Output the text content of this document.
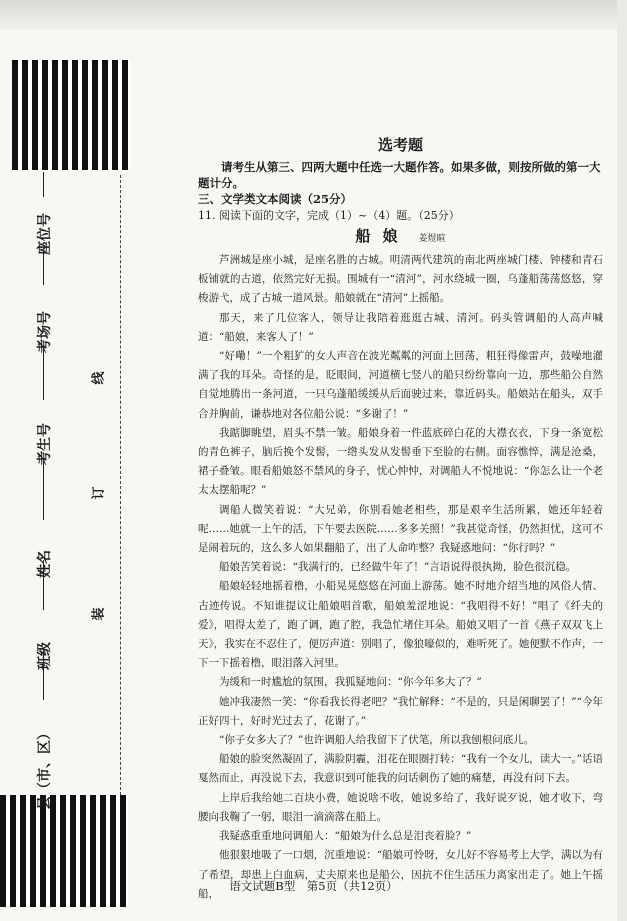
座位号
考场号
考生号
姓名
班级
县（市、区）
线
订
装
选考题

请考生从第三、四两大题中任选一大题作答。如果多做，则按所做的第一大题计分。

三、文学类文本阅读（25分）

11. 阅读下面的文字，完成（1）~（4）题。（25分）

船娘 姜煜暄

芦洲城是座小城，是座名胜的古城。明清两代建筑的南北两座城门楼、钟楼和青石板铺就的古道，依然完好无损。围城有一“清河”，河水绕城一圈，乌蓬船荡荡悠悠，穿梭游弋，成了古城一道风景。船娘就在“清河”上摇船。

那天，来了几位客人，领导让我陪着逛逛古城、清河。码头管调船的人高声喊道：“船娘，来客人了！”

“好嘞！”一个粗犷的女人声音在波光粼粼的河面上回荡，粗狂得像雷声，鼓噪地灌满了我的耳朵。奇怪的是，眨眼间，河道横七竖八的船只纷纷靠向一边，那些船公自然自觉地腾出一条河道，一只乌蓬船缓缓从后面驶过来，靠近码头。船娘站在船头，双手合并胸前，谦恭地对各位船公说：“多谢了！”

我踮脚眺望，眉头不禁一皱。船娘身着一件蓝底碎白花的大襟衣衣，下身一条宽松的青色裤子，脑后挽个发髻，一绺头发从发髻垂下至脸的右侧。面容憔悴，满是沧桑，裙子叠皱。眼看船娘怒不禁风的身子，忧心忡忡，对调船人不悦地说：“你怎么让一个老太太摆船呢？”

调船人微笑着说：“大兄弟，你别看她老相些，那是艰辛生活所累，她还年轻着呢……她就一上午的活，下午要去医院……多多关照！”我甚觉奇怪，仍然担忧，这可不是闹着玩的，这么多人如果翻船了，出了人命咋整？我疑惑地问：“你行吗？”

船娘苦笑着说：“我满行的，已经做牛年了！”言语说得很执拗，脸色很沉稳。

船娘轻轻地摇着橹，小船晃晃悠悠在河面上游荡。她不时地介绍当地的风俗人情、古迹传说。不知谁提议让船娘唱首歌，船娘羞涩地说：“我唱得不好！”唱了《纤夫的爱》，唱得太差了，跑了调，跑了腔，我急忙堵住耳朵。船娘又唱了一首《燕子双双飞上天》，我实在不忍住了，便厉声道：别唱了，像狼嚎似的，难听死了。她便默不作声，一下一下摇着橹，眼泪落入河里。

为缓和一时尴尬的氛围，我狐疑地问：“你今年多大了？”

她冲我凄然一笑：“你看我长得老吧？”我忙解释：“不是的，只是闲聊罢了！”“今年正好四十，好时光过去了，花谢了。”

“你子女多大了？”也许调船人给我留下了伏笔，所以我刨根问底儿。

船娘的脸突然凝固了，满脸阴霾，泪花在眼圈打转：“我有一个女儿，读大一。”话语戛然而止，再没说下去，我意识到可能我的问话刺伤了她的痛楚，再没有问下去。

上岸后我给她二百块小费，她说啥不收，她说多给了，我好说歹说，她才收下，弯腰向我鞠了一躬，眼泪一滴滴落在船上。

我疑惑重重地问调船人：“船娘为什么总是泪丧着脸？”

他狠狠地吸了一口烟，沉重地说：“船娘可怜呀，女儿好不容易考上大学，满以为有了希望，却患上白血病，丈夫原来也是船公，因抗不住生活压力离家出走了。她上午摇船，

语文试题B型　第5页（共12页）
